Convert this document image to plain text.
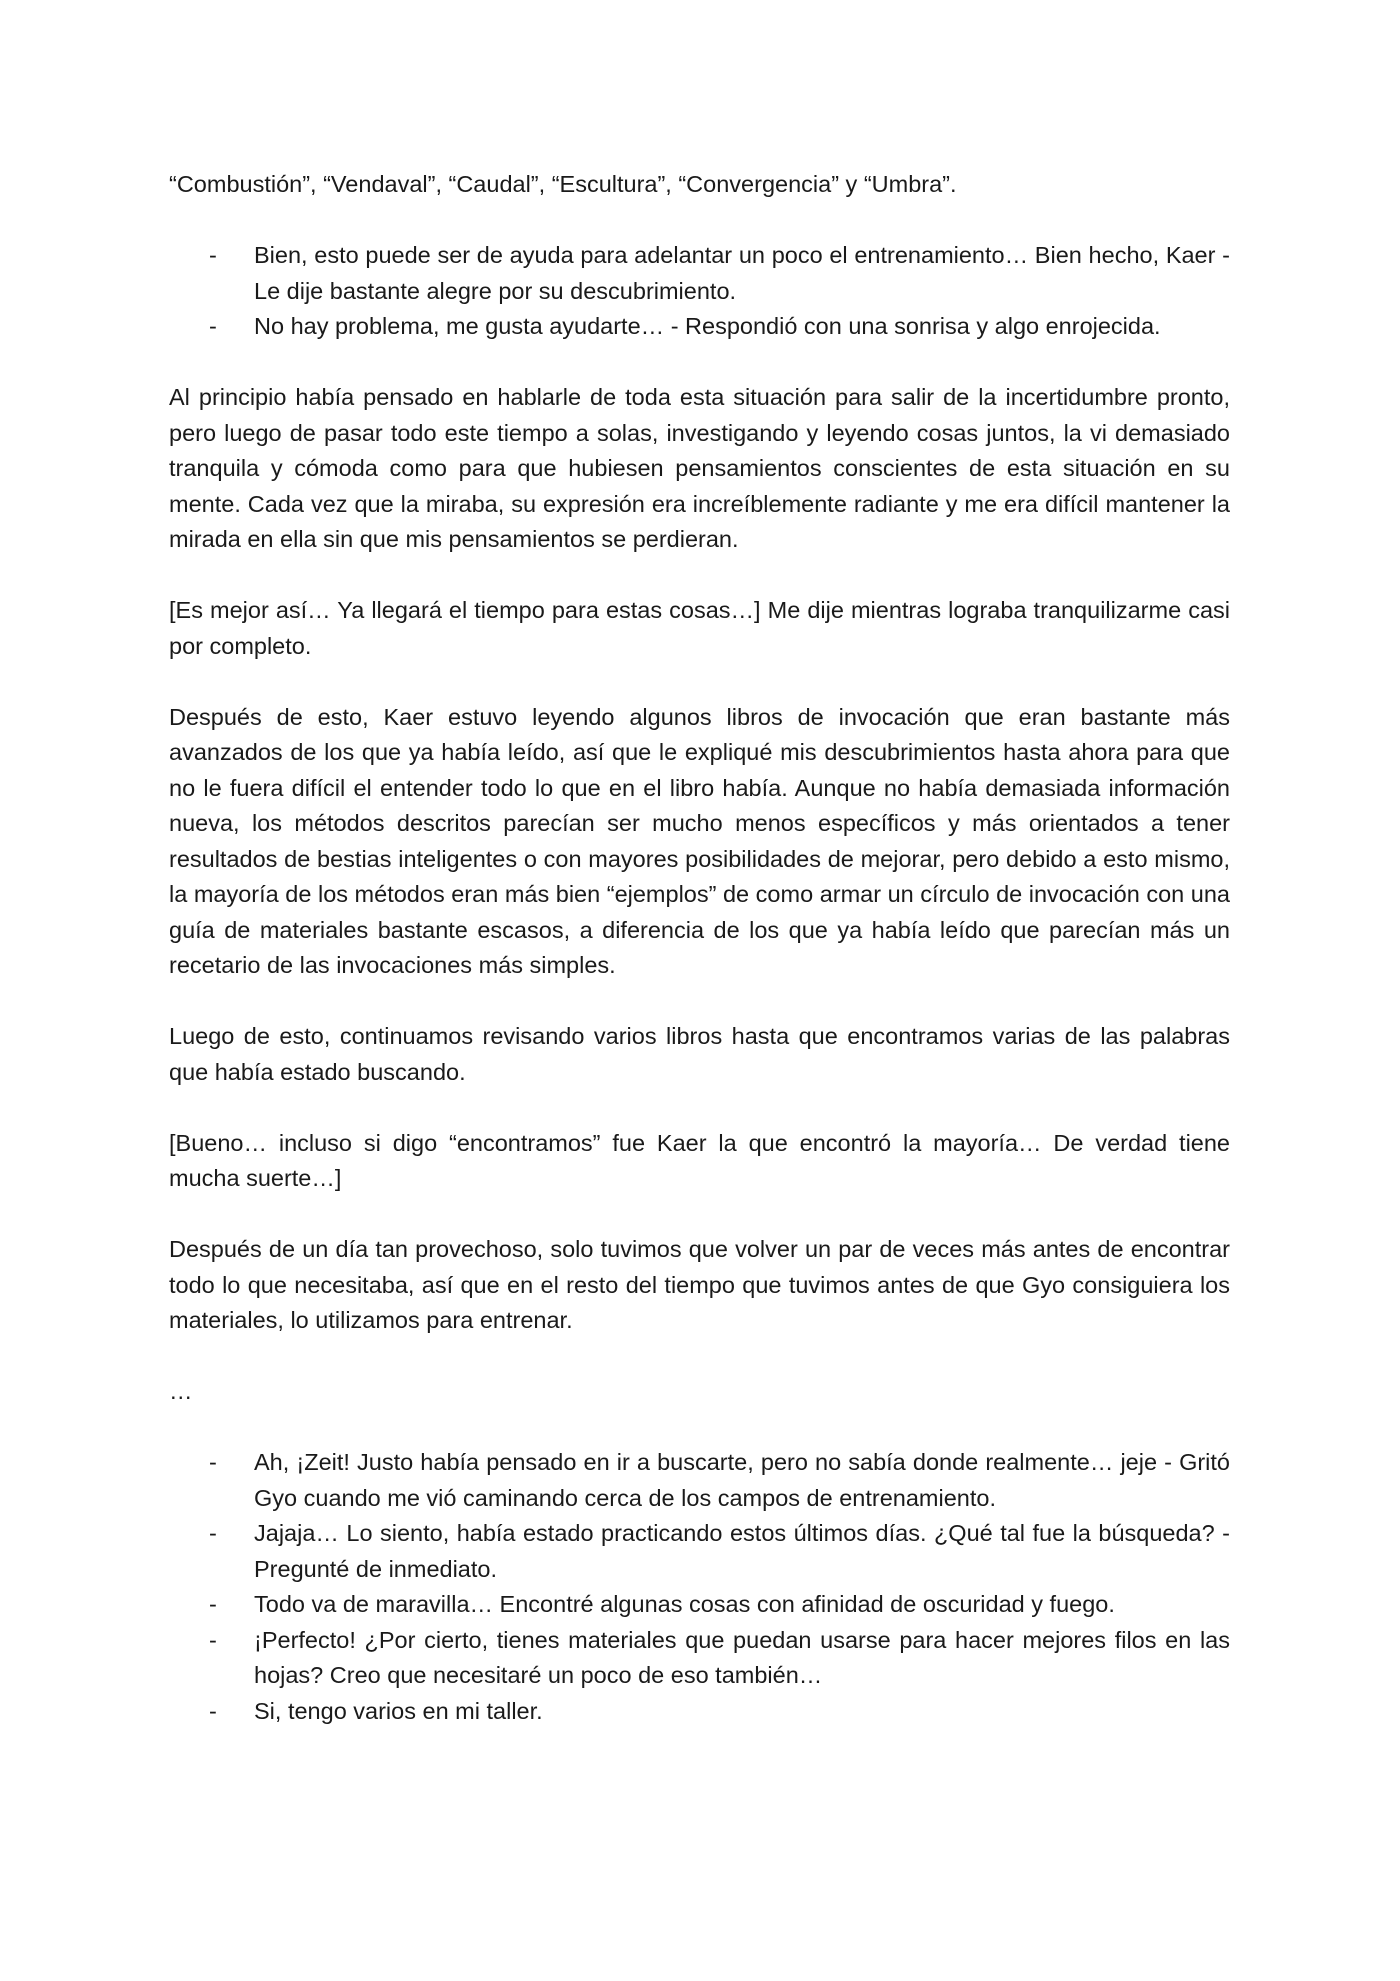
“Combustión”, “Vendaval”, “Caudal”, “Escultura”, “Convergencia” y “Umbra”.

- Bien, esto puede ser de ayuda para adelantar un poco el entrenamiento… Bien hecho, Kaer - Le dije bastante alegre por su descubrimiento.
- No hay problema, me gusta ayudarte… - Respondió con una sonrisa y algo enrojecida.

Al principio había pensado en hablarle de toda esta situación para salir de la incertidumbre pronto, pero luego de pasar todo este tiempo a solas, investigando y leyendo cosas juntos, la vi demasiado tranquila y cómoda como para que hubiesen pensamientos conscientes de esta situación en su mente. Cada vez que la miraba, su expresión era increíblemente radiante y me era difícil mantener la mirada en ella sin que mis pensamientos se perdieran.

[Es mejor así… Ya llegará el tiempo para estas cosas…] Me dije mientras lograba tranquilizarme casi por completo.

Después de esto, Kaer estuvo leyendo algunos libros de invocación que eran bastante más avanzados de los que ya había leído, así que le expliqué mis descubrimientos hasta ahora para que no le fuera difícil el entender todo lo que en el libro había. Aunque no había demasiada información nueva, los métodos descritos parecían ser mucho menos específicos y más orientados a tener resultados de bestias inteligentes o con mayores posibilidades de mejorar, pero debido a esto mismo, la mayoría de los métodos eran más bien “ejemplos” de como armar un círculo de invocación con una guía de materiales bastante escasos, a diferencia de los que ya había leído que parecían más un recetario de las invocaciones más simples.

Luego de esto, continuamos revisando varios libros hasta que encontramos varias de las palabras que había estado buscando.

[Bueno… incluso si digo “encontramos” fue Kaer la que encontró la mayoría… De verdad tiene mucha suerte…]

Después de un día tan provechoso, solo tuvimos que volver un par de veces más antes de encontrar todo lo que necesitaba, así que en el resto del tiempo que tuvimos antes de que Gyo consiguiera los materiales, lo utilizamos para entrenar.

…

- Ah, ¡Zeit! Justo había pensado en ir a buscarte, pero no sabía donde realmente… jeje - Gritó Gyo cuando me vió caminando cerca de los campos de entrenamiento.
- Jajaja… Lo siento, había estado practicando estos últimos días. ¿Qué tal fue la búsqueda? - Pregunté de inmediato.
- Todo va de maravilla… Encontré algunas cosas con afinidad de oscuridad y fuego.
- ¡Perfecto! ¿Por cierto, tienes materiales que puedan usarse para hacer mejores filos en las hojas? Creo que necesitaré un poco de eso también…
- Si, tengo varios en mi taller.
